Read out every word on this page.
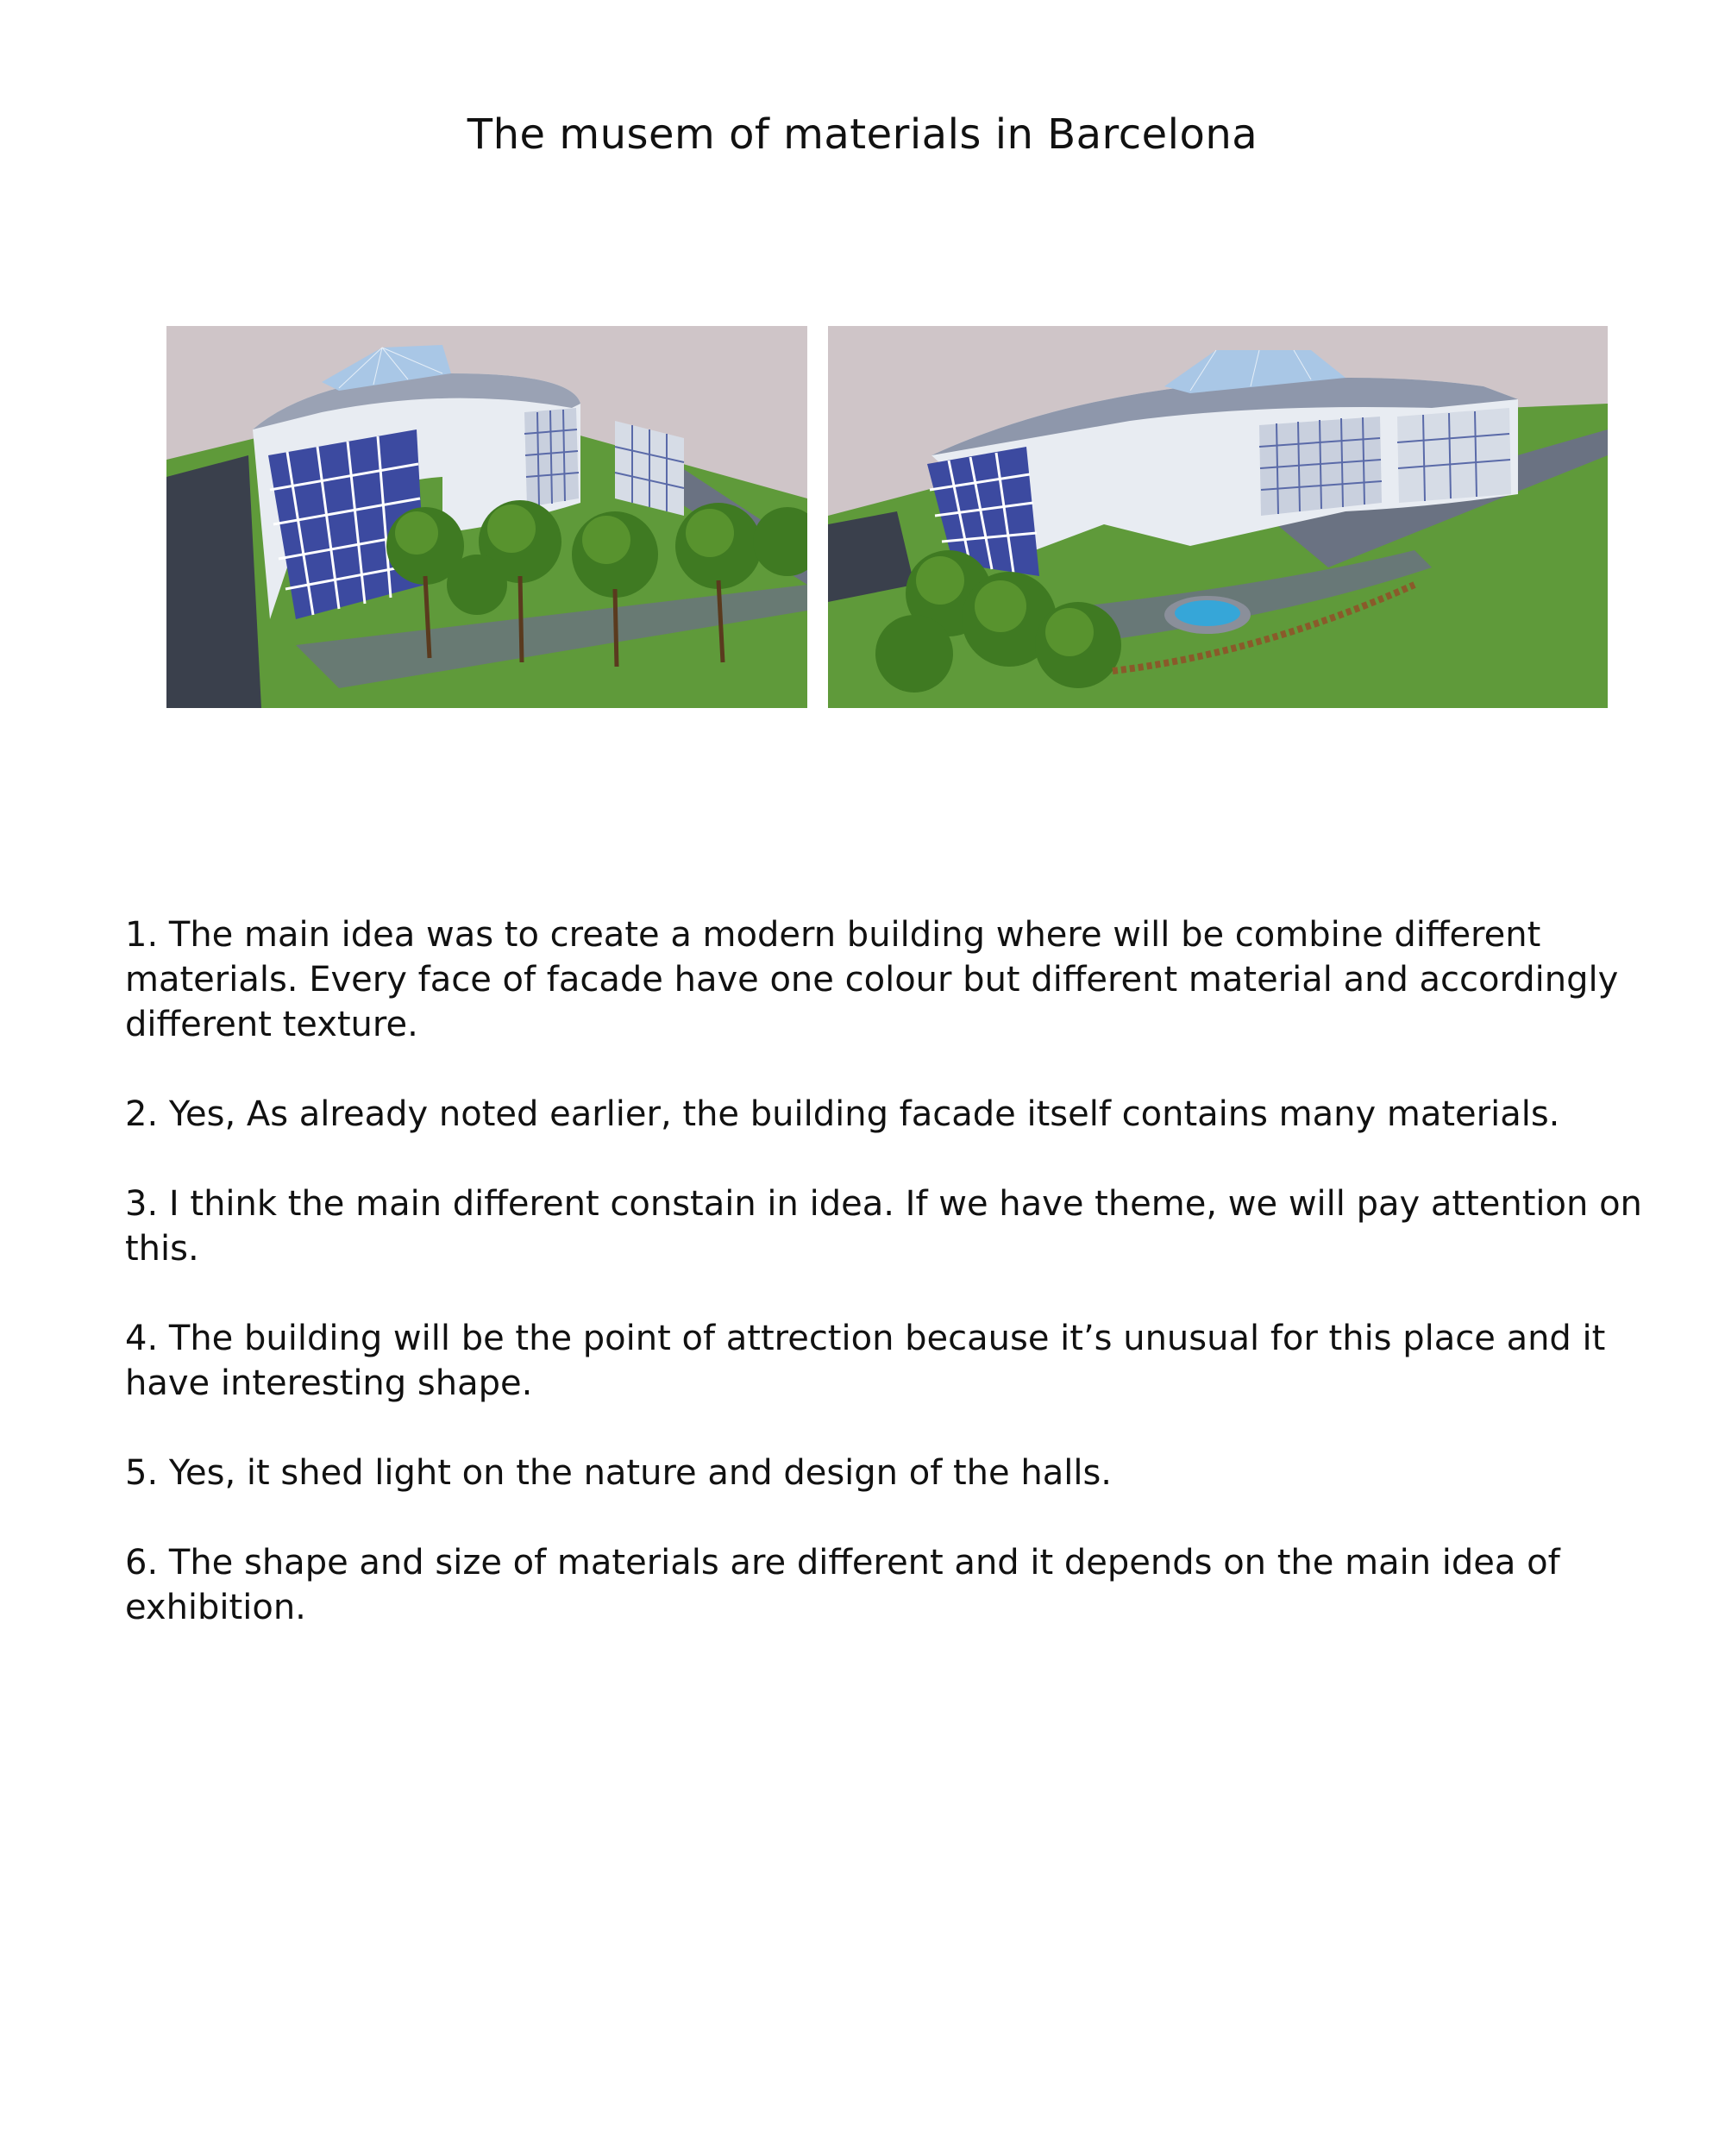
The musem of materials in Barcelona

1. The main idea was to create a modern building where will be combine different materials. Every face of facade have one colour but different material and accordingly different texture.

2. Yes, As already noted earlier, the building facade itself contains many materials.

3. I think the main different constain in idea. If we have theme, we will pay attention on this.

4. The building will be the point of attrection because it’s unusual for this place and it have interesting shape.

5. Yes, it shed light on the nature and design of the halls.

6. The shape and size of materials are different and it depends on the main idea of exhibition.
